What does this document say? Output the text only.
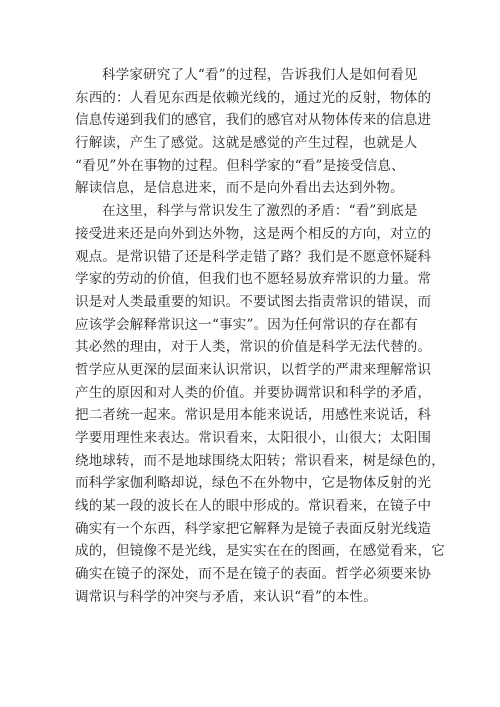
科学家研究了人“看”的过程，告诉我们人是如何看见
东西的：人看见东西是依赖光线的，通过光的反射，物体的
信息传递到我们的感官，我们的感官对从物体传来的信息进
行解读，产生了感觉。这就是感觉的产生过程，也就是人
“看见”外在事物的过程。但科学家的“看”是接受信息、
解读信息，是信息进来，而不是向外看出去达到外物。
在这里，科学与常识发生了激烈的矛盾：“看”到底是
接受进来还是向外到达外物，这是两个相反的方向，对立的
观点。是常识错了还是科学走错了路？我们是不愿意怀疑科
学家的劳动的价值，但我们也不愿轻易放弃常识的力量。常
识是对人类最重要的知识。不要试图去指责常识的错误，而
应该学会解释常识这一“事实”。因为任何常识的存在都有
其必然的理由，对于人类，常识的价值是科学无法代替的。
哲学应从更深的层面来认识常识，以哲学的严肃来理解常识
产生的原因和对人类的价值。并要协调常识和科学的矛盾，
把二者统一起来。常识是用本能来说话，用感性来说话，科
学要用理性来表达。常识看来，太阳很小，山很大；太阳围
绕地球转，而不是地球围绕太阳转；常识看来，树是绿色的，
而科学家伽利略却说，绿色不在外物中，它是物体反射的光
线的某一段的波长在人的眼中形成的。常识看来，在镜子中
确实有一个东西，科学家把它解释为是镜子表面反射光线造
成的，但镜像不是光线，是实实在在的图画，在感觉看来，它
确实在镜子的深处，而不是在镜子的表面。哲学必须要来协
调常识与科学的冲突与矛盾，来认识“看”的本性。
